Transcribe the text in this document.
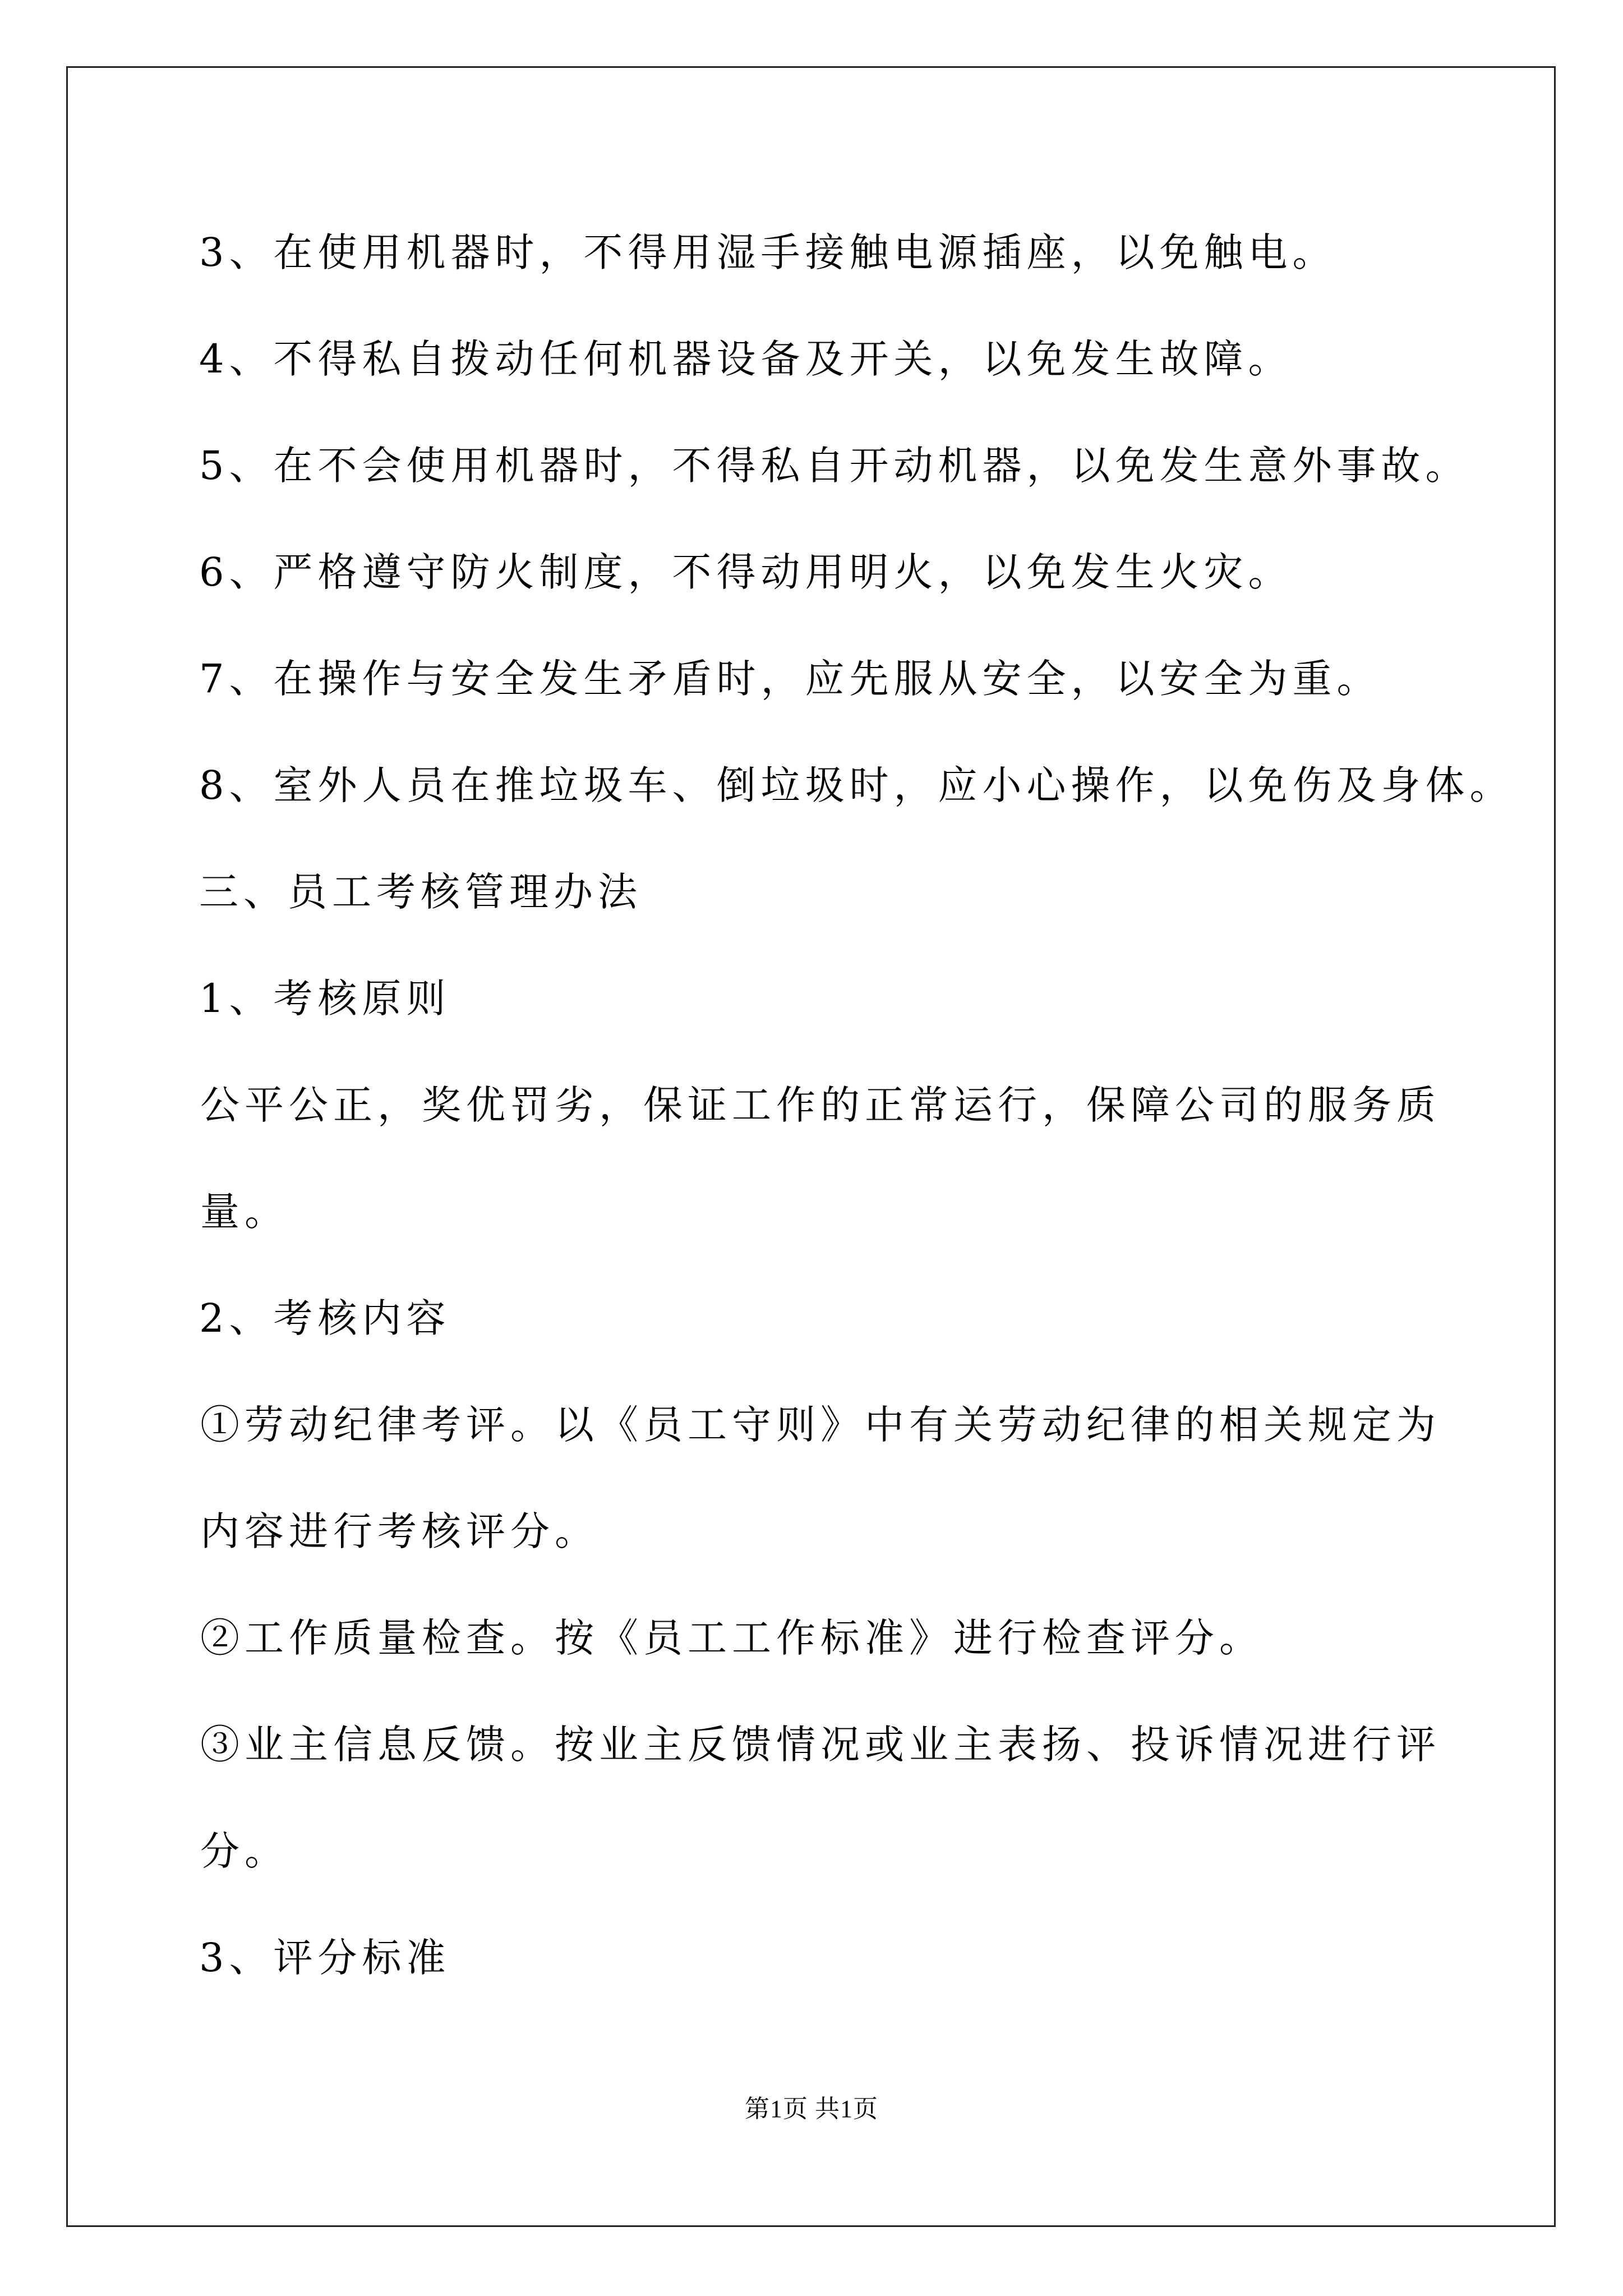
3、在使用机器时，不得用湿手接触电源插座，以免触电。
4、不得私自拨动任何机器设备及开关，以免发生故障。
5、在不会使用机器时，不得私自开动机器，以免发生意外事故。
6、严格遵守防火制度，不得动用明火，以免发生火灾。
7、在操作与安全发生矛盾时，应先服从安全，以安全为重。
8、室外人员在推垃圾车、倒垃圾时，应小心操作，以免伤及身体。
三、员工考核管理办法
1、考核原则
公平公正，奖优罚劣，保证工作的正常运行，保障公司的服务质
量。
2、考核内容
①劳动纪律考评。以《员工守则》中有关劳动纪律的相关规定为
内容进行考核评分。
②工作质量检查。按《员工工作标准》进行检查评分。
③业主信息反馈。按业主反馈情况或业主表扬、投诉情况进行评
分。
3、评分标准
第1页 共1页
